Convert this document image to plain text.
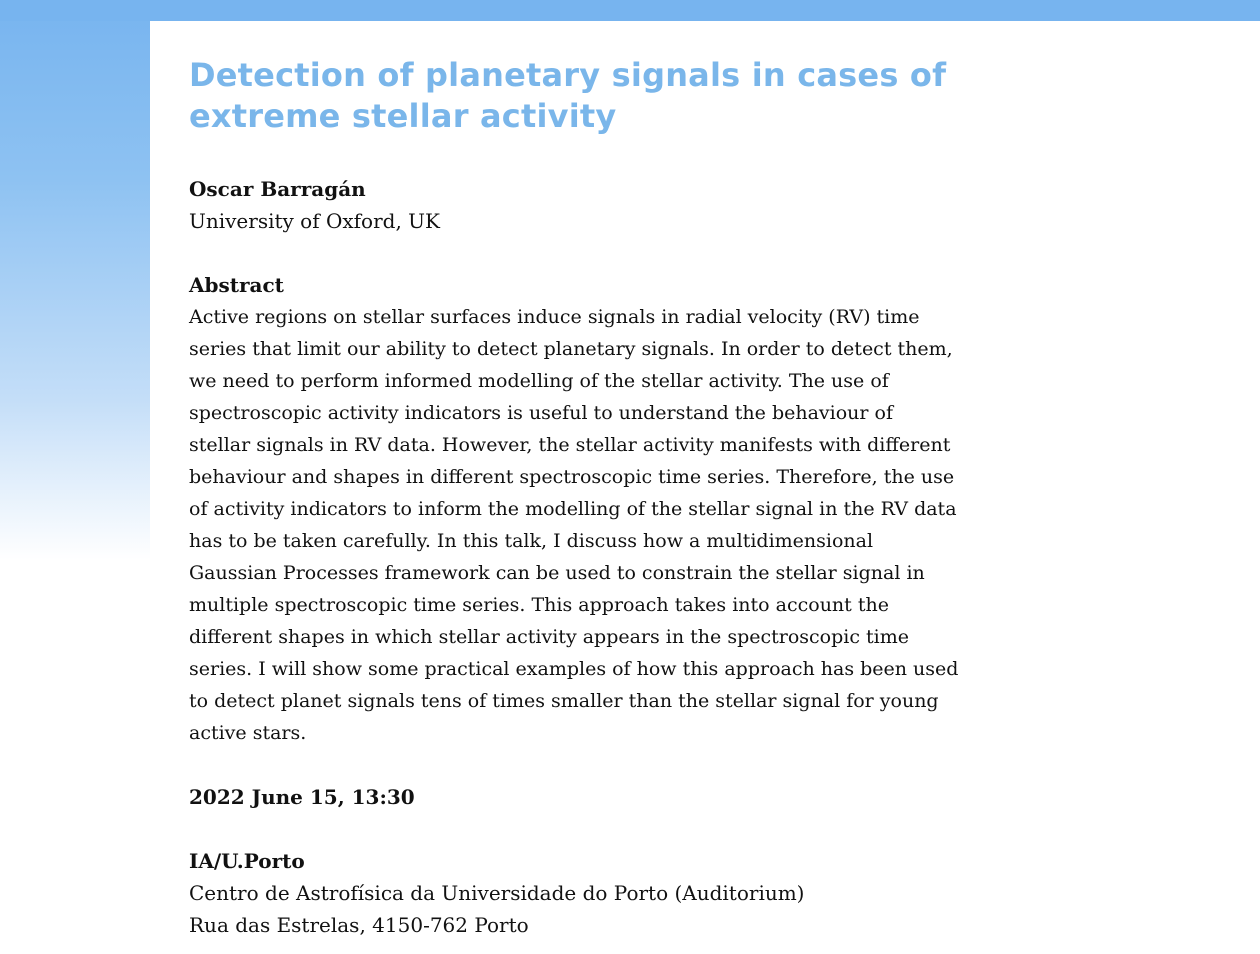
Detection of planetary signals in cases of extreme stellar activity
Oscar Barragán
University of Oxford, UK
Abstract
Active regions on stellar surfaces induce signals in radial velocity (RV) time series that limit our ability to detect planetary signals. In order to detect them, we need to perform informed modelling of the stellar activity. The use of spectroscopic activity indicators is useful to understand the behaviour of stellar signals in RV data. However, the stellar activity manifests with different behaviour and shapes in different spectroscopic time series. Therefore, the use of activity indicators to inform the modelling of the stellar signal in the RV data has to be taken carefully. In this talk, I discuss how a multidimensional Gaussian Processes framework can be used to constrain the stellar signal in multiple spectroscopic time series. This approach takes into account the different shapes in which stellar activity appears in the spectroscopic time series. I will show some practical examples of how this approach has been used to detect planet signals tens of times smaller than the stellar signal for young active stars.
2022 June 15, 13:30
IA/U.Porto
Centro de Astrofísica da Universidade do Porto (Auditorium)
Rua das Estrelas, 4150-762 Porto
